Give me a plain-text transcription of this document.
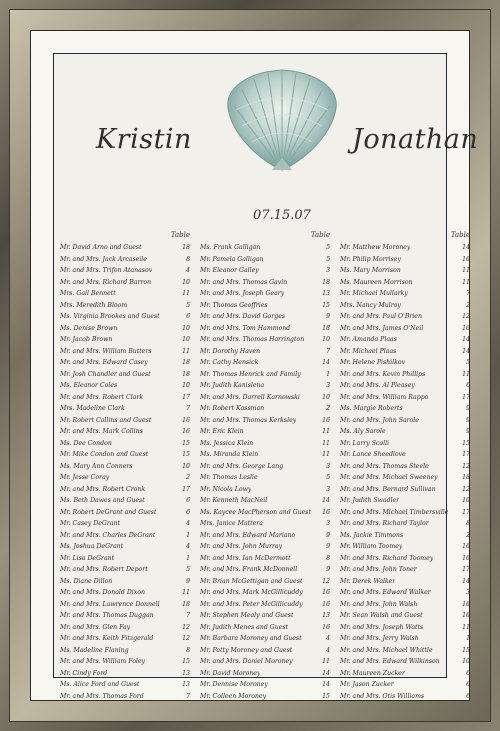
Kristin	Jonathan
07.15.07
Table
Mr. David Arno and Guest	18
Mr. and Mrs. Jack Arcaseile	8
Mr. and Mrs. Trifon Atanasov	4
Mr. and Mrs. Richard Barron	10
Mrs. Gail Bennett	11
Mrs. Meredith Bloom	5
Ms. Virginia Brookes and Guest	6
Ms. Denise Brown	10
Mr. Jacob Brown	10
Mr. and Mrs. William Butters	11
Mr. and Mrs. Edward Casey	18
Mr. Josh Chandler and Guest	18
Ms. Eleanor Coles	10
Mr. and Mrs. Robert Clark	17
Mrs. Madeline Clark	7
Mr. Robert Collins and Guest	16
Mr. and Mrs. Mark Collins	16
Ms. Dee Condon	15
Mr. Mike Condon and Guest	15
Ms. Mary Ann Conners	10
Mr. Jesse Coray	2
Mr. and Mrs. Robert Cronk	17
Ms. Beth Dawes and Guest	6
Mr. Robert DeGrant and Guest	6
Mr. Casey DeGrant	4
Mr. and Mrs. Charles DeGrant	1
Ms. Joshua DeGrant	4
Mr. Lisa DeGrant	1
Mr. and Mrs. Robert Deport	5
Ms. Diane Dillon	9
Mr. and Mrs. Donald Dixon	11
Mr. and Mrs. Lawrence Donnell	18
Mr. and Mrs. Thomas Duggan	7
Mr. and Mrs. Glen Fay	12
Mr. and Mrs. Keith Fitzgerald	12
Ms. Madeline Flaning	8
Mr. and Mrs. William Foley	15
Mr. Cindy Ford	13
Ms. Alice Ford and Guest	13
Mr. and Mrs. Thomas Ford	7
Table
Ms. Frank Galligan	5
Mr. Pamela Galligan	5
Mr. Eleanor Galley	3
Mr. and Mrs. Thomas Gavin	18
Mr. and Mrs. Joseph Geary	13
Mr. Thomas Geoffries	15
Mr. and Mrs. David Gorges	9
Mr. and Mrs. Tom Hammond	18
Mr. and Mrs. Thomas Harrington	10
Mr. Dorothy Haven	7
Mr. Cathy Hensick	14
Mr. Thomas Henrick and Family	1
Mr. Judith Kanislena	3
Mr. and Mrs. Darrell Karnowski	10
Mr. Robert Kassman	2
Mr. and Mrs. Thomas Kerksley	16
Mr. Eric Klein	11
Ms. Jessica Klein	11
Ms. Miranda Klein	11
Mr. and Mrs. George Lang	3
Mr. Thomas Leslie	5
Mr. Nicola Lowy	3
Mr. Kenneth MacNeil	14
Ms. Kaycee MacPherson and Guest	16
Mrs. Janice Mattera	3
Mr. and Mrs. Edward Mariano	9
Mr. and Mrs. John Murray	9
Mr. and Mrs. Ian McDermott	8
Mr. and Mrs. Frank McDonnell	9
Mr. Brian McGettigan and Guest	12
Mr. and Mrs. Mark McGillicuddy	16
Mr. and Mrs. Peter McGillicuddy	16
Mr. Stephen Mealy and Guest	13
Mr. Judith Menes and Guest	16
Mr. Barbara Moroney and Guest	4
Mr. Patty Moroney and Guest	4
Mr. and Mrs. Daniel Moroney	11
Mr. David Moroney	14
Mr. Dennise Moroney	14
Mr. Colleen Moroney	15
Table
Mr. Matthew Moroney	14
Mr. Philip Morrisey	16
Ms. Mary Morrison	11
Ms. Maureen Morrison	11
Mr. Michael Mullarky	7
Mrs. Nancy Mulroy	2
Mr. and Mrs. Paul O'Brien	12
Mr. and Mrs. James O'Neil	16
Mr. Amanda Plaas	14
Mr. Michael Plaas	14
Mr. Helene Pishilkov	5
Mr. and Mrs. Kevin Phillips	11
Mr. and Mrs. Al Pleasey	6
Mr. and Mrs. William Rappo	17
Ms. Margie Roberts	9
Mr. and Mrs. John Sarole	9
Ms. Aly Sarole	9
Mr. Larry Scalli	15
Mr. Lance Sheedlove	17
Mr. and Mrs. Thomas Steele	12
Mr. and Mrs. Michael Sweeney	18
Mr. and Mrs. Bernard Sullivan	12
Mr. Judith Swadler	10
Mr. and Mrs. Michael Timbersville	17
Mr. and Mrs. Richard Taylor	8
Ms. Jackie Timmons	2
Mr. William Toomey	16
Mr. and Mrs. Richard Toomey	16
Mr. and Mrs. John Toner	17
Mr. Derek Walker	14
Mr. and Mrs. Edward Walker	3
Mr. and Mrs. John Walsh	16
Mr. Sean Walsh and Guest	16
Mr. and Mrs. Joseph Watts	11
Mr. and Mrs. Jerry Walsh	1
Mr. and Mrs. Michael Whittle	15
Mr. and Mrs. Edward Wilkinson	10
Mr. Maureen Zucker	6
Mr. Jason Zucker	6
Mr. and Mrs. Otis Williams	6
